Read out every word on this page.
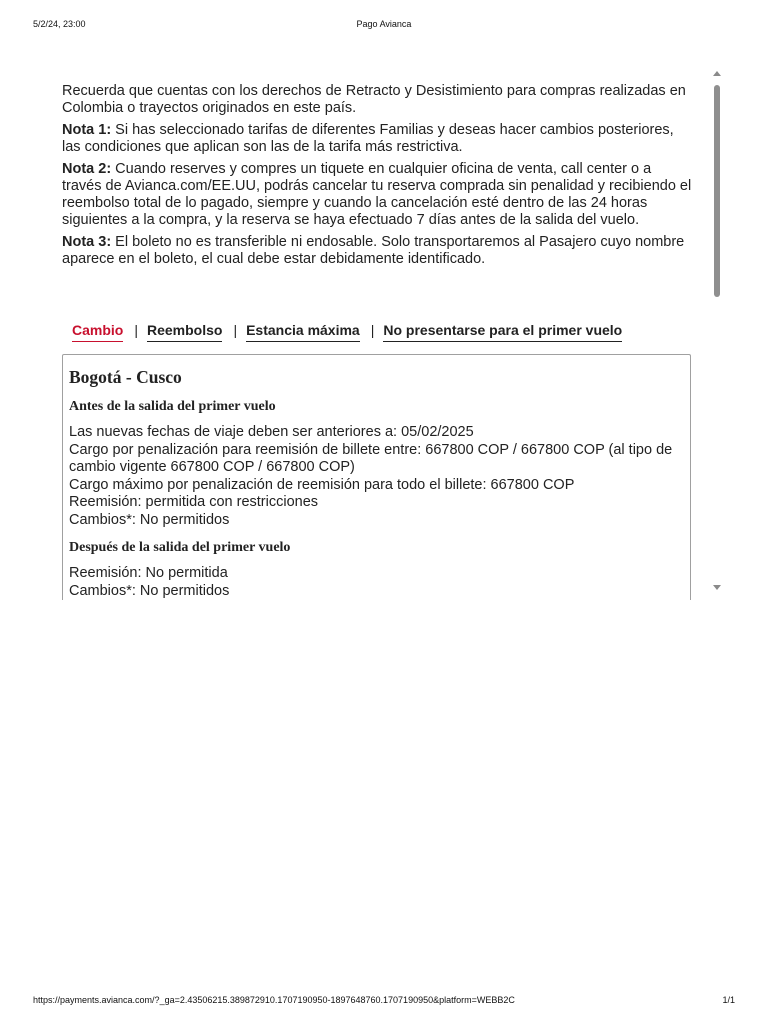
5/2/24, 23:00	Pago Avianca

Recuerda que cuentas con los derechos de Retracto y Desistimiento para compras realizadas en Colombia o trayectos originados en este país.

Nota 1: Si has seleccionado tarifas de diferentes Familias y deseas hacer cambios posteriores, las condiciones que aplican son las de la tarifa más restrictiva.

Nota 2: Cuando reserves y compres un tiquete en cualquier oficina de venta, call center o a través de Avianca.com/EE.UU, podrás cancelar tu reserva comprada sin penalidad y recibiendo el reembolso total de lo pagado, siempre y cuando la cancelación esté dentro de las 24 horas siguientes a la compra, y la reserva se haya efectuado 7 días antes de la salida del vuelo.

Nota 3: El boleto no es transferible ni endosable. Solo transportaremos al Pasajero cuyo nombre aparece en el boleto, el cual debe estar debidamente identificado.

Cambio | Reembolso | Estancia máxima | No presentarse para el primer vuelo
Bogotá - Cusco
Antes de la salida del primer vuelo
Las nuevas fechas de viaje deben ser anteriores a: 05/02/2025
Cargo por penalización para reemisión de billete entre: 667800 COP / 667800 COP (al tipo de cambio vigente 667800 COP / 667800 COP)
Cargo máximo por penalización de reemisión para todo el billete: 667800 COP
Reemisión: permitida con restricciones
Cambios*: No permitidos
Después de la salida del primer vuelo
Reemisión: No permitida
Cambios*: No permitidos
https://payments.avianca.com/?_ga=2.43506215.389872910.1707190950-1897648760.1707190950&platform=WEBB2C	1/1
